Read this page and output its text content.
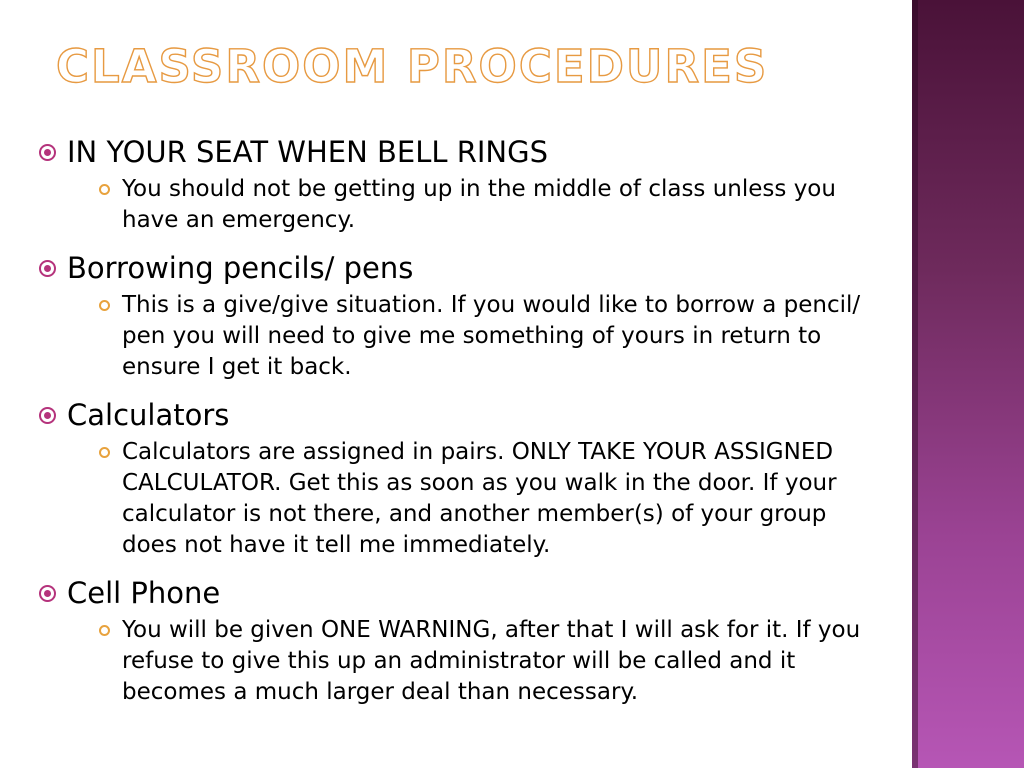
CLASSROOM PROCEDURES
IN YOUR SEAT WHEN BELL RINGS
You should not be getting up in the middle of class unless you have an emergency.
Borrowing pencils/ pens
This is a give/give situation. If you would like to borrow a pencil/ pen you will need to give me something of yours in return to ensure I get it back.
Calculators
Calculators are assigned in pairs. ONLY TAKE YOUR ASSIGNED CALCULATOR. Get this as soon as you walk in the door. If your calculator is not there, and another member(s) of your group does not have it tell me immediately.
Cell Phone
You will be given ONE WARNING, after that I will ask for it. If you refuse to give this up an administrator will be called and it becomes a much larger deal than necessary.
